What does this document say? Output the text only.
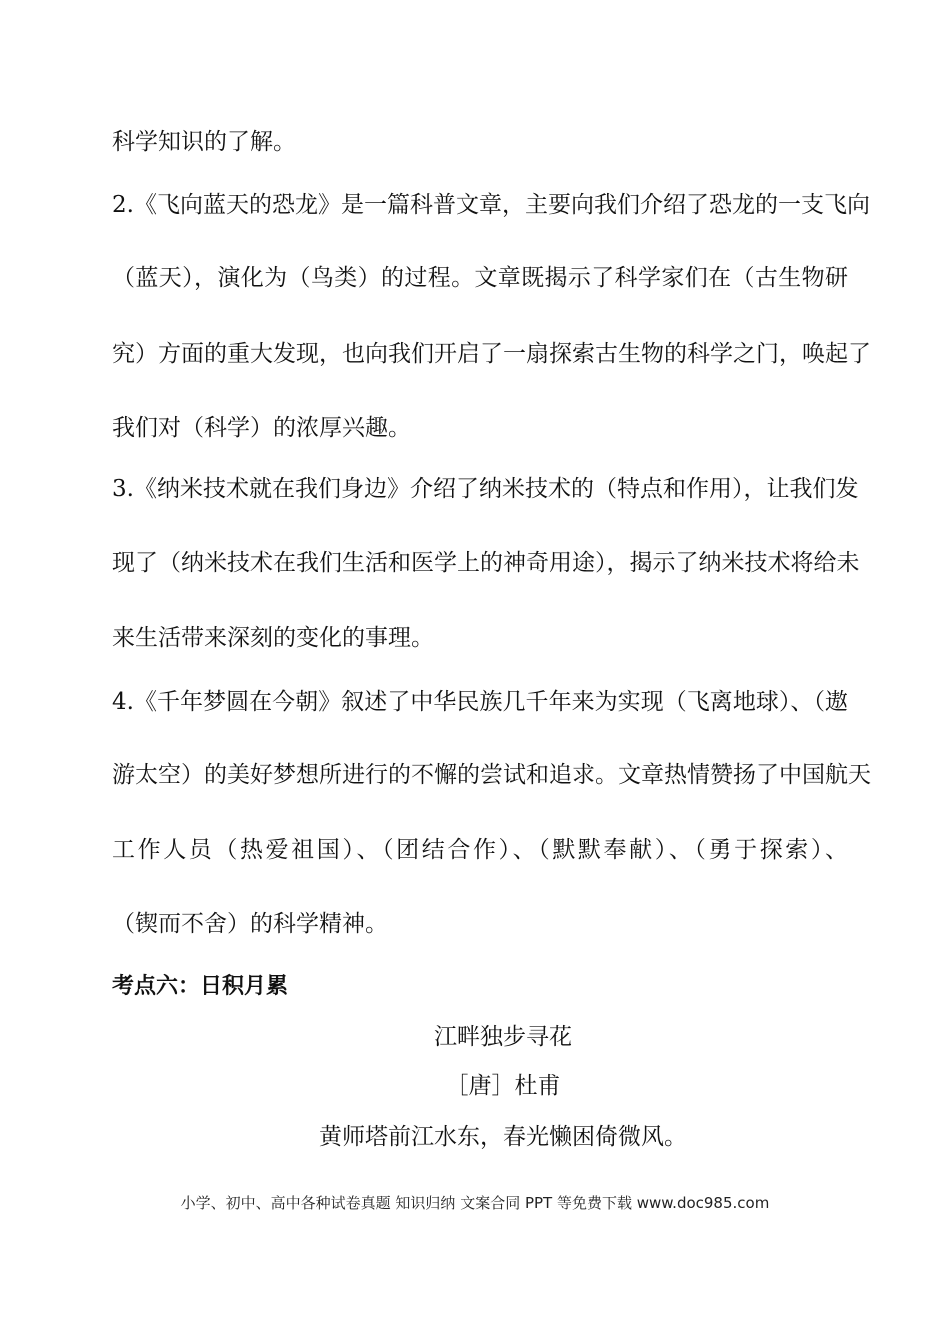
科学知识的了解。
2.《飞向蓝天的恐龙》是一篇科普文章，主要向我们介绍了恐龙的一支飞向
（蓝天），演化为（鸟类）的过程。文章既揭示了科学家们在（古生物研
究）方面的重大发现，也向我们开启了一扇探索古生物的科学之门，唤起了
我们对（科学）的浓厚兴趣。
3.《纳米技术就在我们身边》介绍了纳米技术的（特点和作用），让我们发
现了（纳米技术在我们生活和医学上的神奇用途），揭示了纳米技术将给未
来生活带来深刻的变化的事理。
4.《千年梦圆在今朝》叙述了中华民族几千年来为实现（飞离地球）、（遨
游太空）的美好梦想所进行的不懈的尝试和追求。文章热情赞扬了中国航天
工作人员（热爱祖国）、（团结合作）、（默默奉献）、（勇于探索）、
（锲而不舍）的科学精神。
考点六：日积月累
江畔独步寻花
［唐］杜甫
黄师塔前江水东，春光懒困倚微风。
小学、初中、高中各种试卷真题 知识归纳 文案合同 PPT 等免费下载 www.doc985.com
